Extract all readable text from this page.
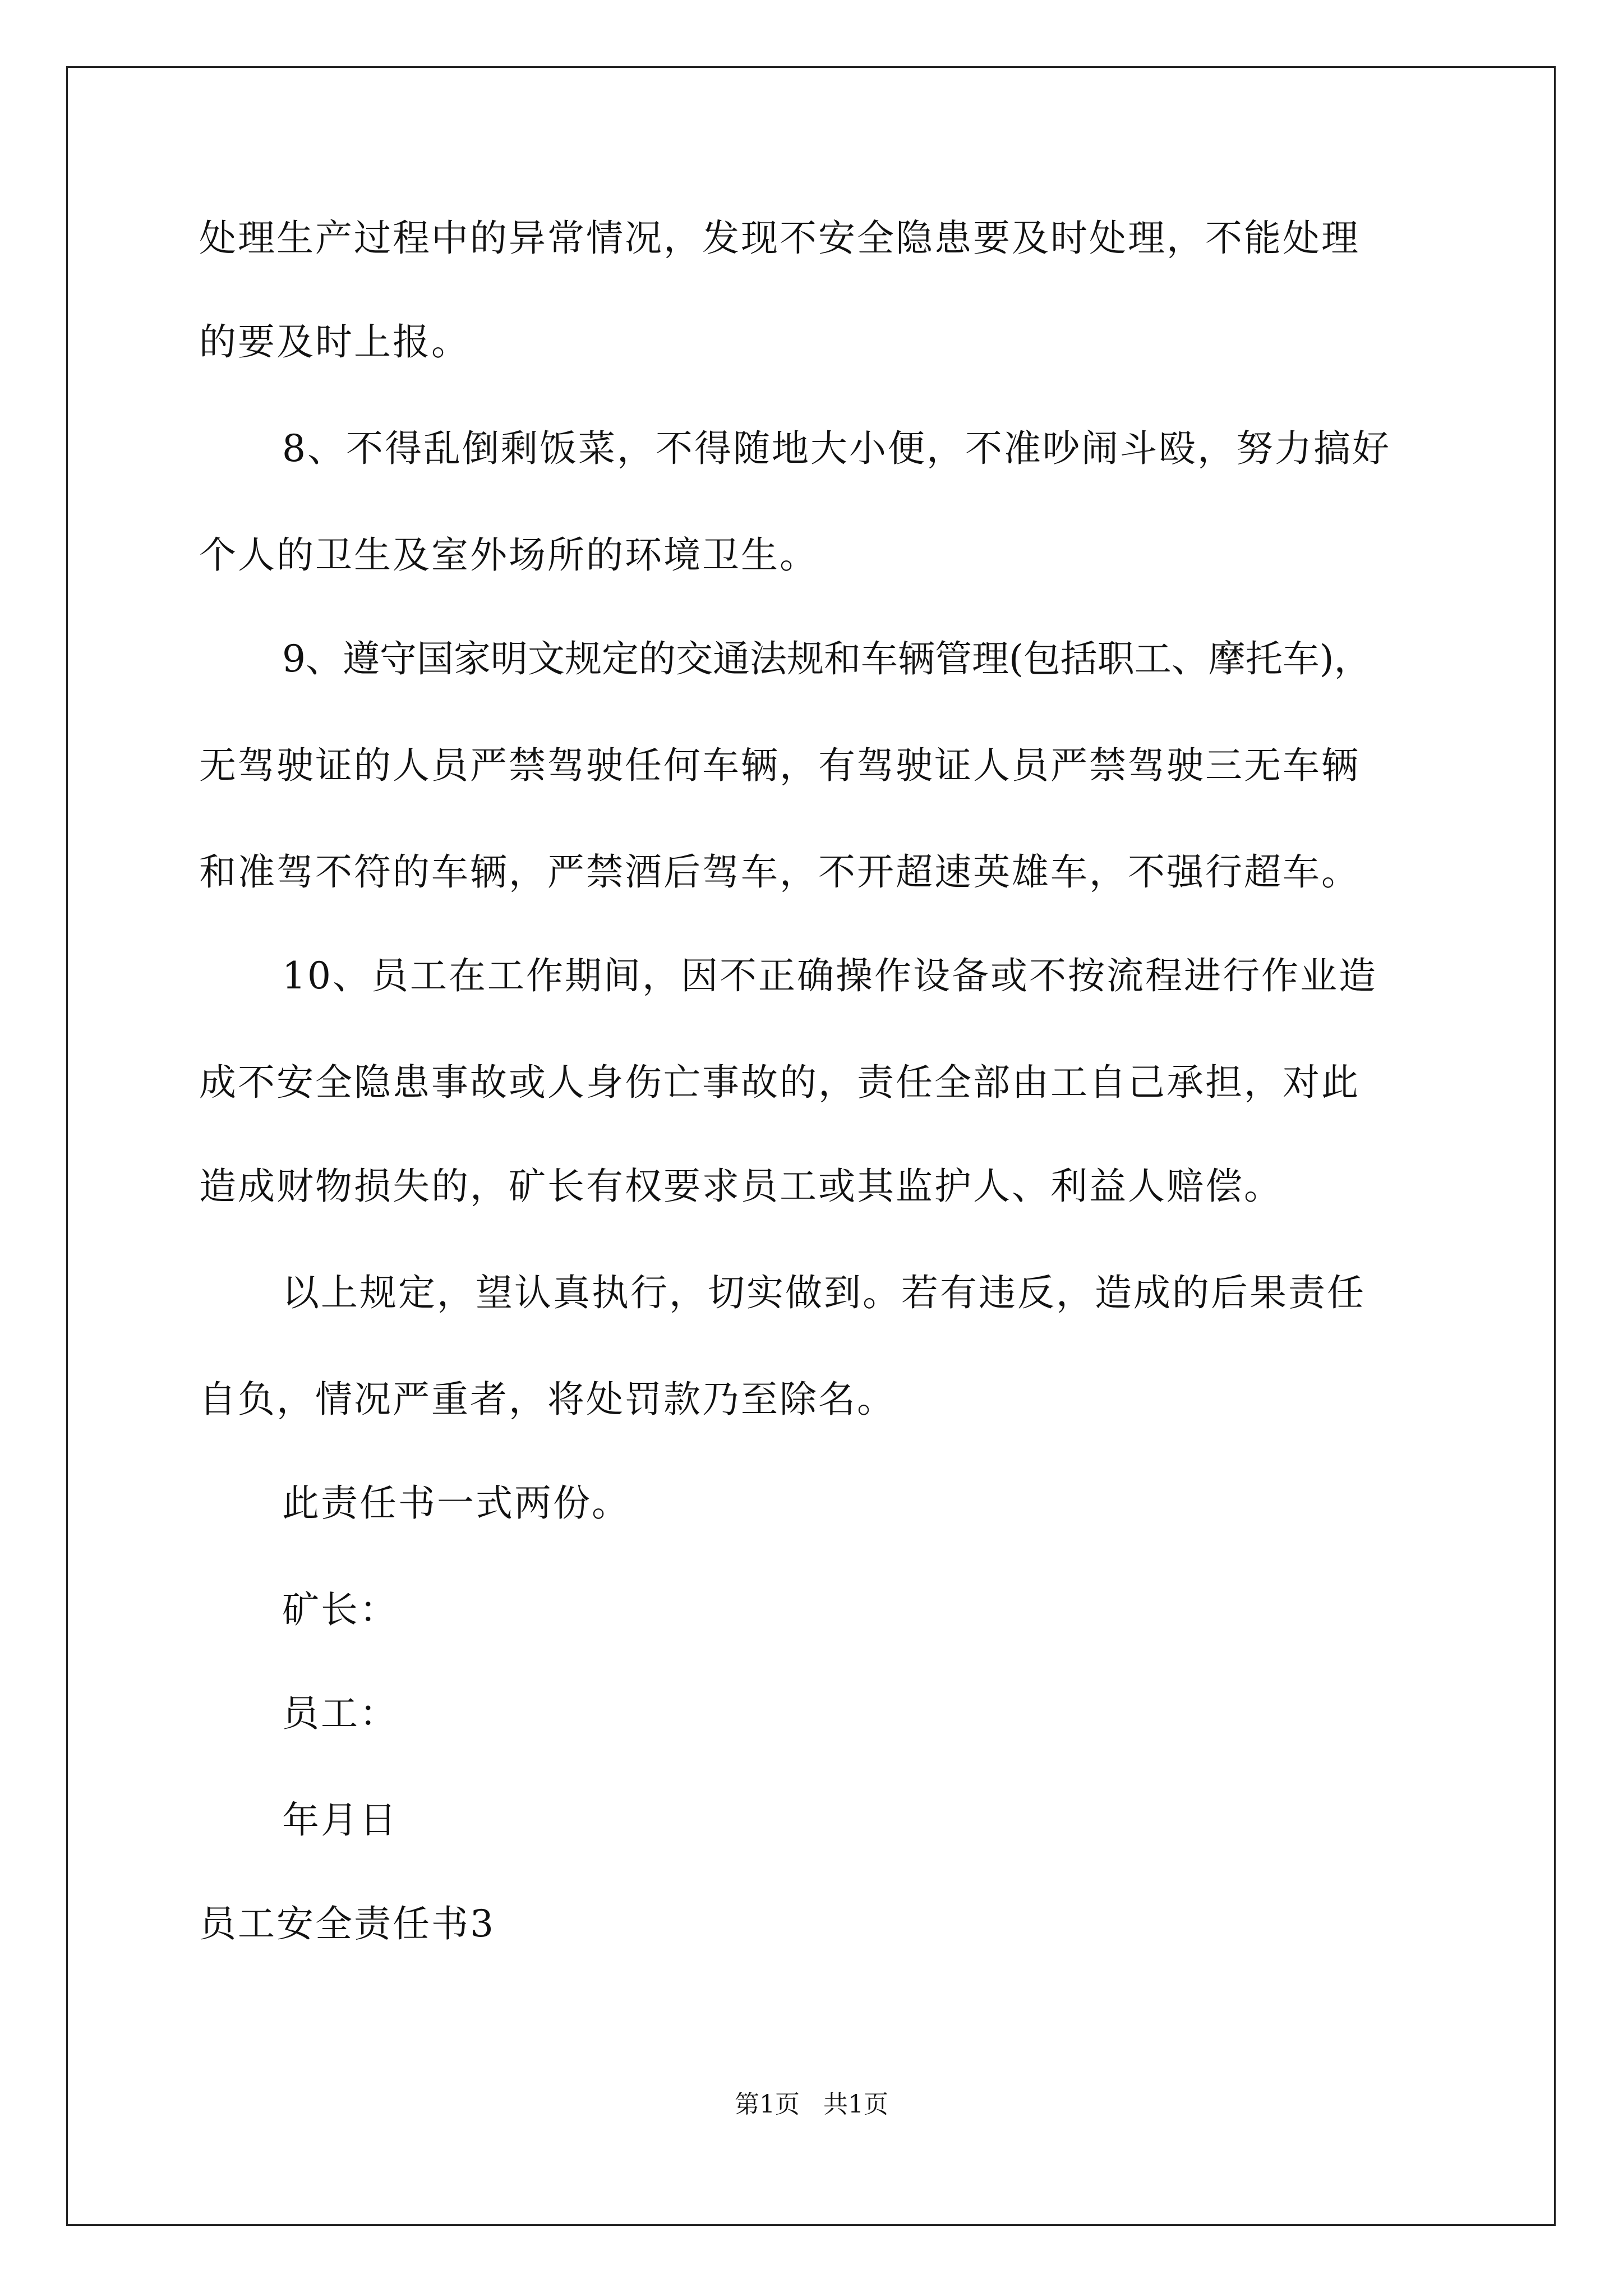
处理生产过程中的异常情况，发现不安全隐患要及时处理，不能处理
的要及时上报。
8、不得乱倒剩饭菜，不得随地大小便，不准吵闹斗殴，努力搞好
个人的卫生及室外场所的环境卫生。
9、遵守国家明文规定的交通法规和车辆管理(包括职工、摩托车)，
无驾驶证的人员严禁驾驶任何车辆，有驾驶证人员严禁驾驶三无车辆
和准驾不符的车辆，严禁酒后驾车，不开超速英雄车，不强行超车。
10、员工在工作期间，因不正确操作设备或不按流程进行作业造
成不安全隐患事故或人身伤亡事故的，责任全部由工自己承担，对此
造成财物损失的，矿长有权要求员工或其监护人、利益人赔偿。
以上规定，望认真执行，切实做到。若有违反，造成的后果责任
自负，情况严重者，将处罚款乃至除名。
此责任书一式两份。
矿长：
员工：
年月日
员工安全责任书3
第1页   共1页
